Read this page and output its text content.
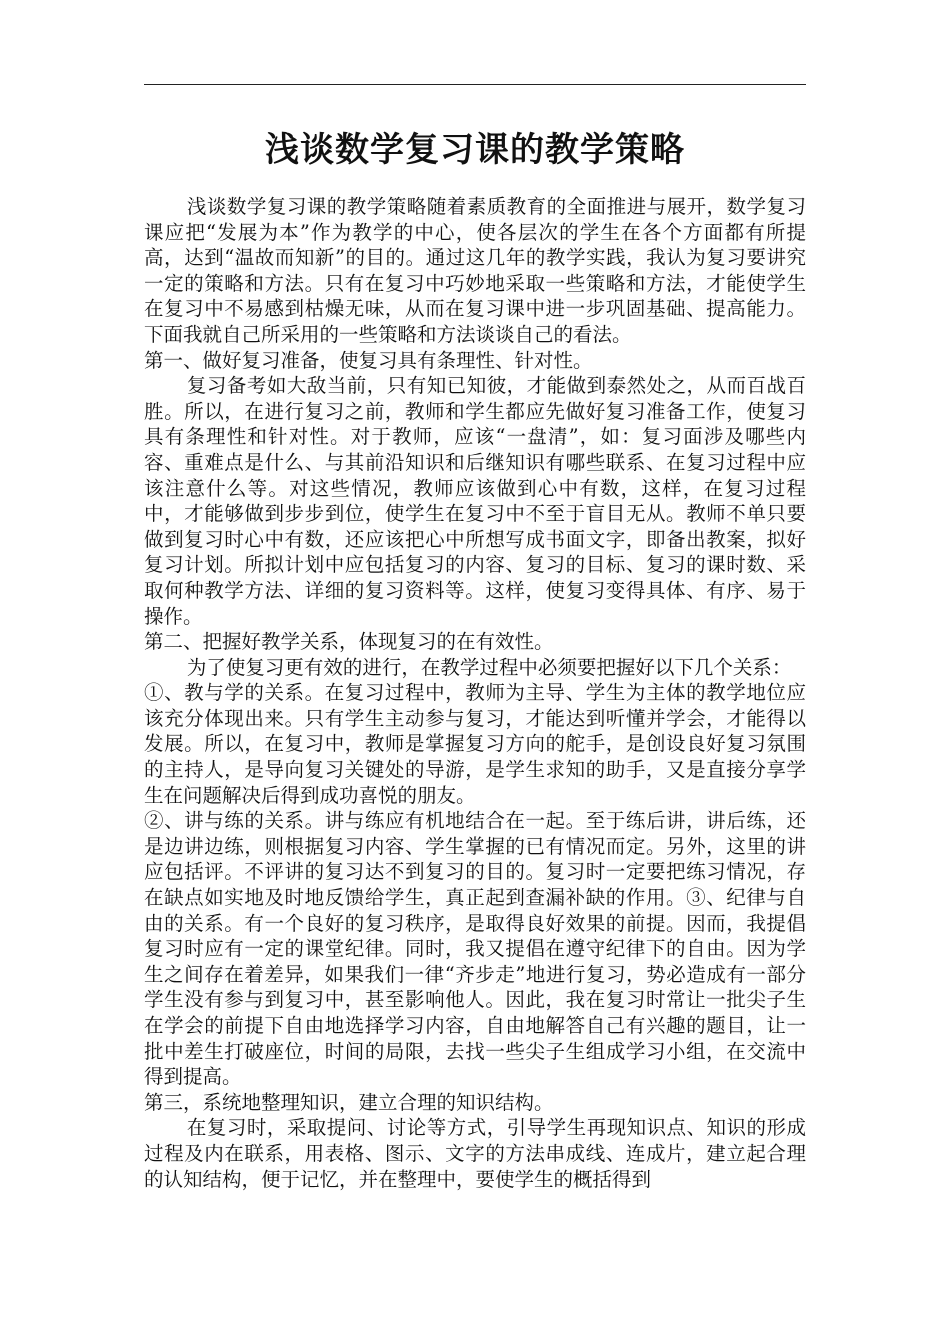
浅谈数学复习课的教学策略

浅谈数学复习课的教学策略随着素质教育的全面推进与展开，数学复习课应把“发展为本”作为教学的中心，使各层次的学生在各个方面都有所提高，达到“温故而知新”的目的。通过这几年的教学实践，我认为复习要讲究一定的策略和方法。只有在复习中巧妙地采取一些策略和方法，才能使学生在复习中不易感到枯燥无味，从而在复习课中进一步巩固基础、提高能力。下面我就自己所采用的一些策略和方法谈谈自己的看法。

第一、做好复习准备，使复习具有条理性、针对性。

复习备考如大敌当前，只有知已知彼，才能做到泰然处之，从而百战百胜。所以，在进行复习之前，教师和学生都应先做好复习准备工作，使复习具有条理性和针对性。对于教师，应该“一盘清”，如：复习面涉及哪些内容、重难点是什么、与其前沿知识和后继知识有哪些联系、在复习过程中应该注意什么等。对这些情况，教师应该做到心中有数，这样，在复习过程中，才能够做到步步到位，使学生在复习中不至于盲目无从。教师不单只要做到复习时心中有数，还应该把心中所想写成书面文字，即备出教案，拟好复习计划。所拟计划中应包括复习的内容、复习的目标、复习的课时数、采取何种教学方法、详细的复习资料等。这样，使复习变得具体、有序、易于操作。

第二、把握好教学关系，体现复习的在有效性。

为了使复习更有效的进行，在教学过程中必须要把握好以下几个关系：

①、教与学的关系。在复习过程中，教师为主导、学生为主体的教学地位应该充分体现出来。只有学生主动参与复习，才能达到听懂并学会，才能得以发展。所以，在复习中，教师是掌握复习方向的舵手，是创设良好复习氛围的主持人，是导向复习关键处的导游，是学生求知的助手，又是直接分享学生在问题解决后得到成功喜悦的朋友。

②、讲与练的关系。讲与练应有机地结合在一起。至于练后讲，讲后练，还是边讲边练，则根据复习内容、学生掌握的已有情况而定。另外，这里的讲应包括评。不评讲的复习达不到复习的目的。复习时一定要把练习情况，存在缺点如实地及时地反馈给学生，真正起到查漏补缺的作用。③、纪律与自由的关系。有一个良好的复习秩序，是取得良好效果的前提。因而，我提倡复习时应有一定的课堂纪律。同时，我又提倡在遵守纪律下的自由。因为学生之间存在着差异，如果我们一律“齐步走”地进行复习，势必造成有一部分学生没有参与到复习中，甚至影响他人。因此，我在复习时常让一批尖子生在学会的前提下自由地选择学习内容，自由地解答自己有兴趣的题目，让一批中差生打破座位，时间的局限，去找一些尖子生组成学习小组，在交流中得到提高。

第三，系统地整理知识，建立合理的知识结构。

在复习时，采取提问、讨论等方式，引导学生再现知识点、知识的形成过程及内在联系，用表格、图示、文字的方法串成线、连成片，建立起合理的认知结构，便于记忆，并在整理中，要使学生的概括得到
